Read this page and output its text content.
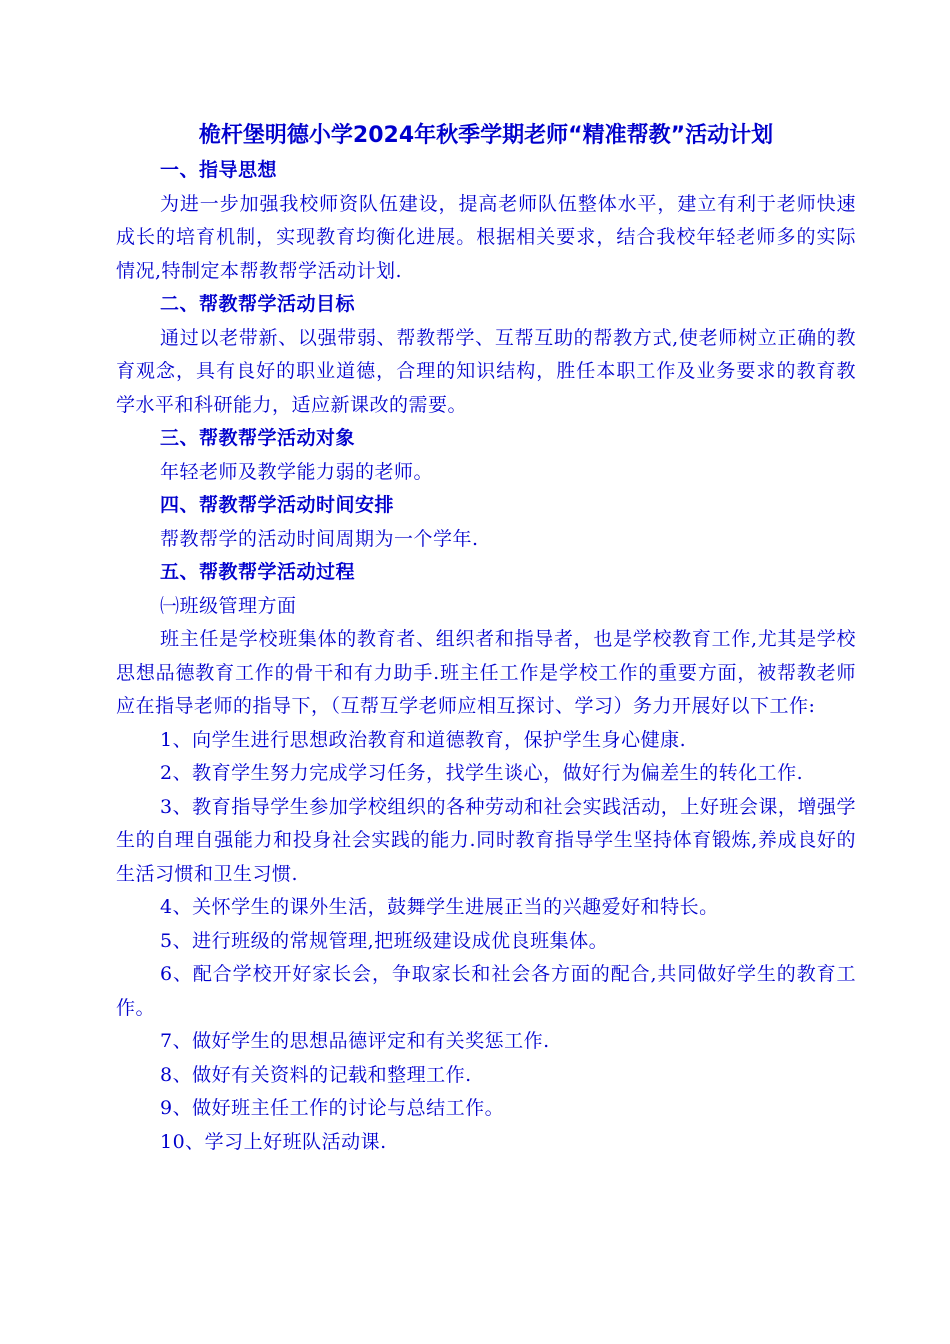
桅杆堡明德小学2024年秋季学期老师“精准帮教”活动计划
一、指导思想

为进一步加强我校师资队伍建设，提高老师队伍整体水平，建立有利于老师快速成长的培育机制，实现教育均衡化进展。根据相关要求，结合我校年轻老师多的实际情况,特制定本帮教帮学活动计划.

二、帮教帮学活动目标

通过以老带新、以强带弱、帮教帮学、互帮互助的帮教方式,使老师树立正确的教育观念，具有良好的职业道德，合理的知识结构，胜任本职工作及业务要求的教育教学水平和科研能力，适应新课改的需要。

三、帮教帮学活动对象

年轻老师及教学能力弱的老师。

四、帮教帮学活动时间安排

帮教帮学的活动时间周期为一个学年.

五、帮教帮学活动过程

㈠班级管理方面

班主任是学校班集体的教育者、组织者和指导者，也是学校教育工作,尤其是学校思想品德教育工作的骨干和有力助手.班主任工作是学校工作的重要方面，被帮教老师应在指导老师的指导下，（互帮互学老师应相互探讨、学习）务力开展好以下工作:

1、向学生进行思想政治教育和道德教育，保护学生身心健康.

2、教育学生努力完成学习任务，找学生谈心，做好行为偏差生的转化工作.

3、教育指导学生参加学校组织的各种劳动和社会实践活动，上好班会课，增强学生的自理自强能力和投身社会实践的能力.同时教育指导学生坚持体育锻炼,养成良好的生活习惯和卫生习惯.

4、关怀学生的课外生活，鼓舞学生进展正当的兴趣爱好和特长。

5、进行班级的常规管理,把班级建设成优良班集体。

6、配合学校开好家长会，争取家长和社会各方面的配合,共同做好学生的教育工作。

7、做好学生的思想品德评定和有关奖惩工作.

8、做好有关资料的记载和整理工作.

9、做好班主任工作的讨论与总结工作。

10、学习上好班队活动课.
